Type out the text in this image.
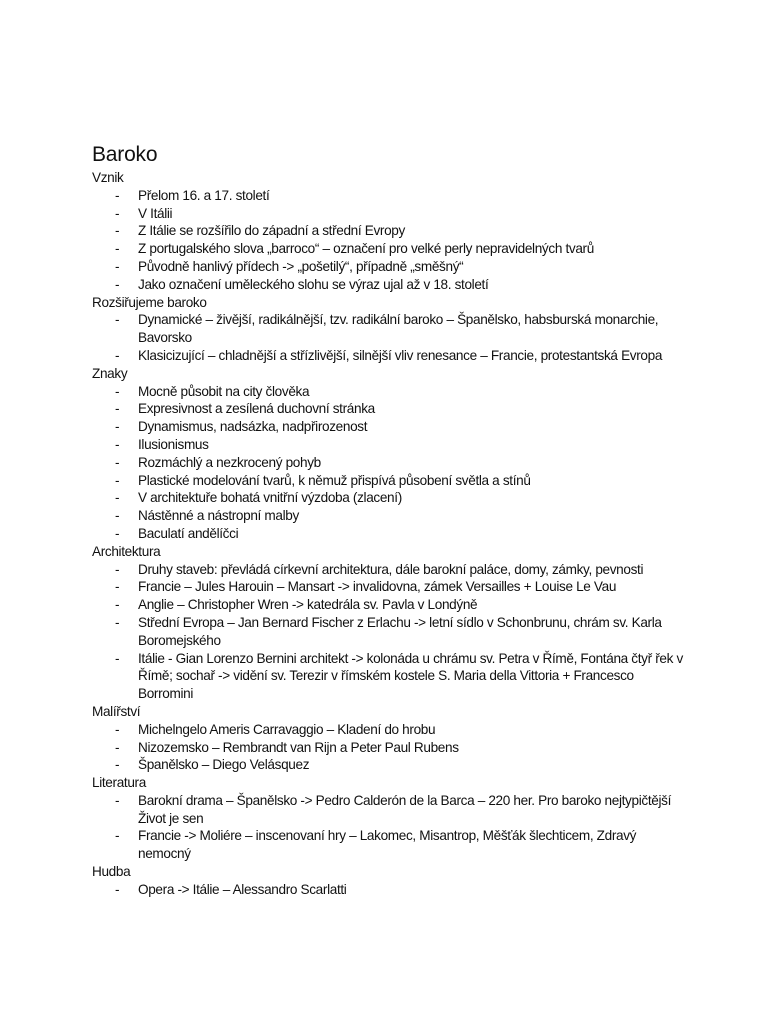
Baroko
Vznik
- Přelom 16. a 17. století
- V Itálii
- Z Itálie se rozšířilo do západní a střední Evropy
- Z portugalského slova „barroco“ – označení pro velké perly nepravidelných tvarů
- Původně hanlivý přídech -> „pošetilý“, případně „směšný“
- Jako označení uměleckého slohu se výraz ujal až v 18. století
Rozšiřujeme baroko
- Dynamické – živější, radikálnější, tzv. radikální baroko – Španělsko, habsburská monarchie, Bavorsko
- Klasicizující – chladnější a střízlivější, silnější vliv renesance – Francie, protestantská Evropa
Znaky
- Mocně působit na city člověka
- Expresivnost a zesílená duchovní stránka
- Dynamismus, nadsázka, nadpřirozenost
- Ilusionismus
- Rozmáchlý a nezkrocený pohyb
- Plastické modelování tvarů, k němuž přispívá působení světla a stínů
- V architektuře bohatá vnitřní výzdoba (zlacení)
- Nástěnné a nástropní malby
- Baculatí andělíčci
Architektura
- Druhy staveb: převládá církevní architektura, dále barokní paláce, domy, zámky, pevnosti
- Francie – Jules Harouin – Mansart -> invalidovna, zámek Versailles + Louise Le Vau
- Anglie – Christopher Wren -> katedrála sv. Pavla v Londýně
- Střední Evropa – Jan Bernard Fischer z Erlachu -> letní sídlo v Schonbrunu, chrám sv. Karla Boromejského
- Itálie - Gian Lorenzo Bernini architekt -> kolonáda u chrámu sv. Petra v Římě, Fontána čtyř řek v Římě; sochař -> vidění sv. Terezir v římském kostele S. Maria della Vittoria + Francesco Borromini
Malířství
- Michelngelo Ameris Carravaggio – Kladení do hrobu
- Nizozemsko – Rembrandt van Rijn a Peter Paul Rubens
- Španělsko – Diego Velásquez
Literatura
- Barokní drama – Španělsko -> Pedro Calderón de la Barca – 220 her. Pro baroko nejtypičtější Život je sen
- Francie -> Moliére – inscenovaní hry – Lakomec, Misantrop, Měšťák šlechticem, Zdravý nemocný
Hudba
- Opera -> Itálie – Alessandro Scarlatti
